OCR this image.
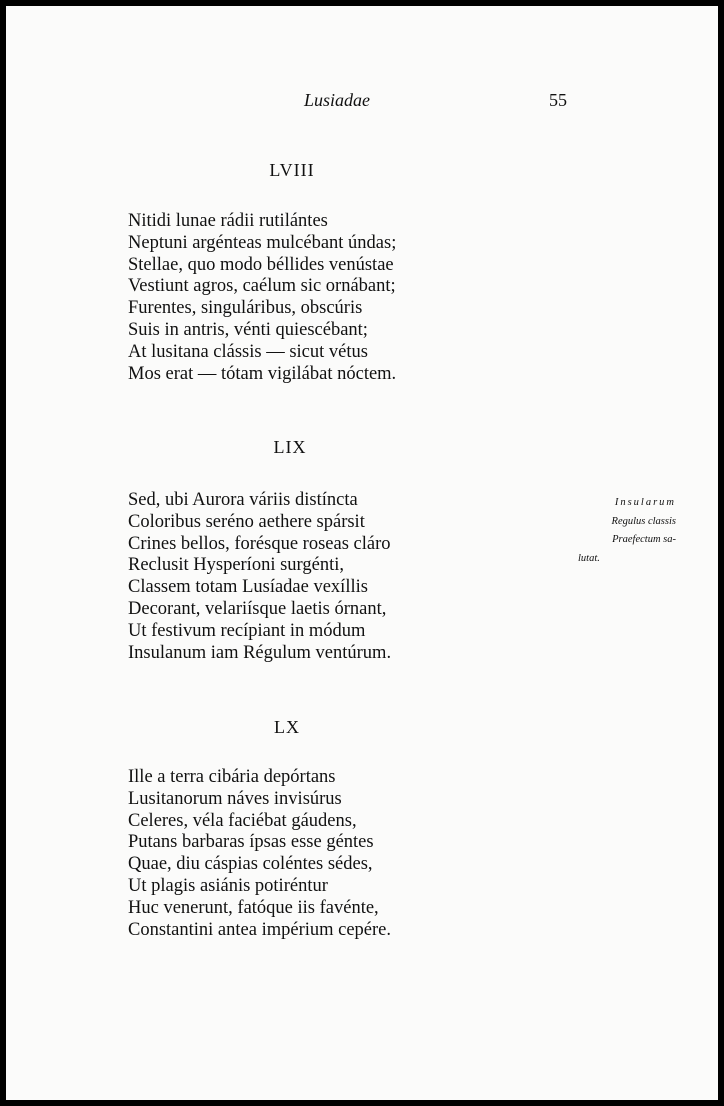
Lusiadae	55
LVIII
Nitidi lunae rádii rutilántes
Neptuni argénteas mulcébant úndas;
Stellae, quo modo béllides venústae
Vestiunt agros, caélum sic ornábant;
Furentes, singuláribus, obscúris
Suis in antris, vénti quiescébant;
At lusitana clássis — sicut vétus
Mos erat — tótam vigilábat nóctem.
LIX
Sed, ubi Aurora váriis distíncta
Coloribus seréno aethere spársit
Crines bellos, forésque roseas cláro
Reclusit Hysperíoni surgénti,
Classem totam Lusíadae vexíllis
Decorant, velariísque laetis órnant,
Ut festivum recípiant in módum
Insulanum iam Régulum ventúrum.
Insularum
Regulus classis
Praefectum sa-
lutat.
LX
Ille a terra cibária depórtans
Lusitanorum náves invisúrus
Celeres, véla faciébat gáudens,
Putans barbaras ípsas esse géntes
Quae, diu cáspias coléntes sédes,
Ut plagis asiánis potiréntur
Huc venerunt, fatóque iis favénte,
Constantini antea impérium cepére.
